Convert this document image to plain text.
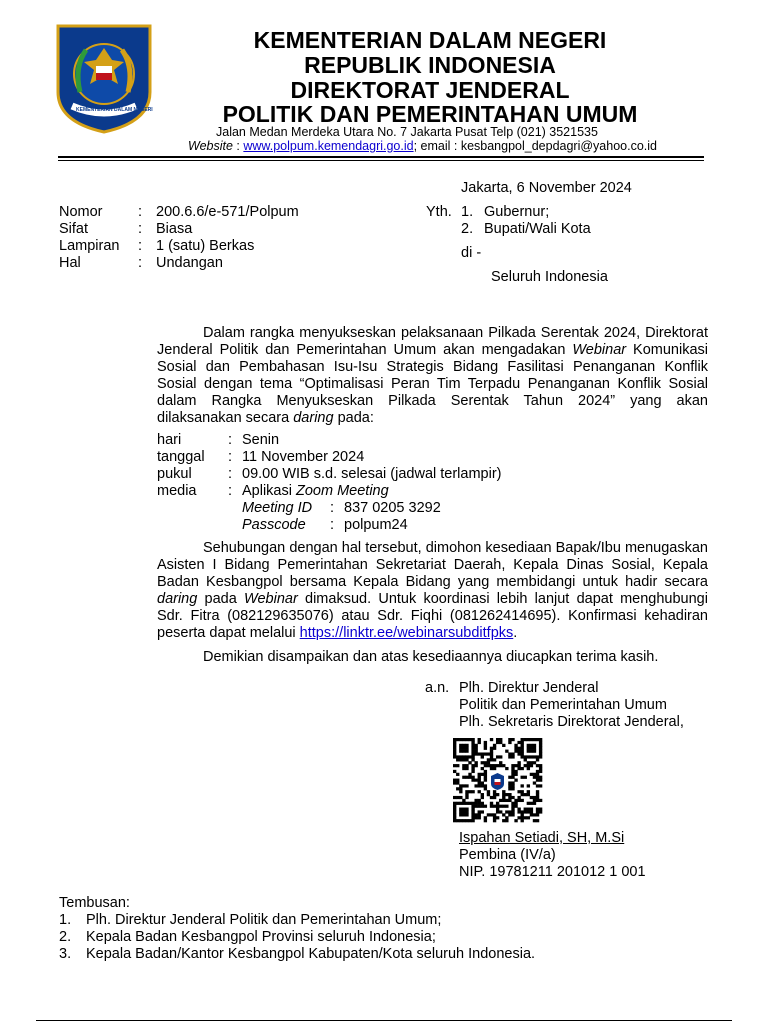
KEMENTERIAN DALAM NEGERI
KEMENTERIAN DALAM NEGERI
REPUBLIK INDONESIA
DIREKTORAT JENDERAL
POLITIK DAN PEMERINTAHAN UMUM
Jalan Medan Merdeka Utara No. 7 Jakarta Pusat Telp (021) 3521535
Website : www.polpum.kemendagri.go.id; email : kesbangpol_depdagri@yahoo.co.id
Jakarta, 6 November 2024
Nomor	: 200.6.6/e-571/Polpum
Sifat	: Biasa
Lampiran	: 1 (satu) Berkas
Hal	: Undangan
Yth. 1. Gubernur;
2. Bupati/Wali Kota
di -
Seluruh Indonesia
Dalam rangka menyukseskan pelaksanaan Pilkada Serentak 2024, Direktorat Jenderal Politik dan Pemerintahan Umum akan mengadakan Webinar Komunikasi Sosial dan Pembahasan Isu-Isu Strategis Bidang Fasilitasi Penanganan Konflik Sosial dengan tema “Optimalisasi Peran Tim Terpadu Penanganan Konflik Sosial dalam Rangka Menyukseskan Pilkada Serentak Tahun 2024” yang akan dilaksanakan secara daring pada:
hari	: Senin
tanggal	: 11 November 2024
pukul	: 09.00 WIB s.d. selesai (jadwal terlampir)
media	: Aplikasi Zoom Meeting
Meeting ID	: 837 0205 3292
Passcode	: polpum24
Sehubungan dengan hal tersebut, dimohon kesediaan Bapak/Ibu menugaskan Asisten I Bidang Pemerintahan Sekretariat Daerah, Kepala Dinas Sosial, Kepala Badan Kesbangpol bersama Kepala Bidang yang membidangi untuk hadir secara daring pada Webinar dimaksud. Untuk koordinasi lebih lanjut dapat menghubungi Sdr. Fitra (082129635076) atau Sdr. Fiqhi (081262414695). Konfirmasi kehadiran peserta dapat melalui https://linktr.ee/webinarsubditfpks.
Demikian disampaikan dan atas kesediaannya diucapkan terima kasih.
a.n. Plh. Direktur Jenderal
Politik dan Pemerintahan Umum
Plh. Sekretaris Direktorat Jenderal,
Ispahan Setiadi, SH, M.Si
Pembina (IV/a)
NIP. 19781211 201012 1 001
Tembusan:
1.	Plh. Direktur Jenderal Politik dan Pemerintahan Umum;
2.	Kepala Badan Kesbangpol Provinsi seluruh Indonesia;
3.	Kepala Badan/Kantor Kesbangpol Kabupaten/Kota seluruh Indonesia.
